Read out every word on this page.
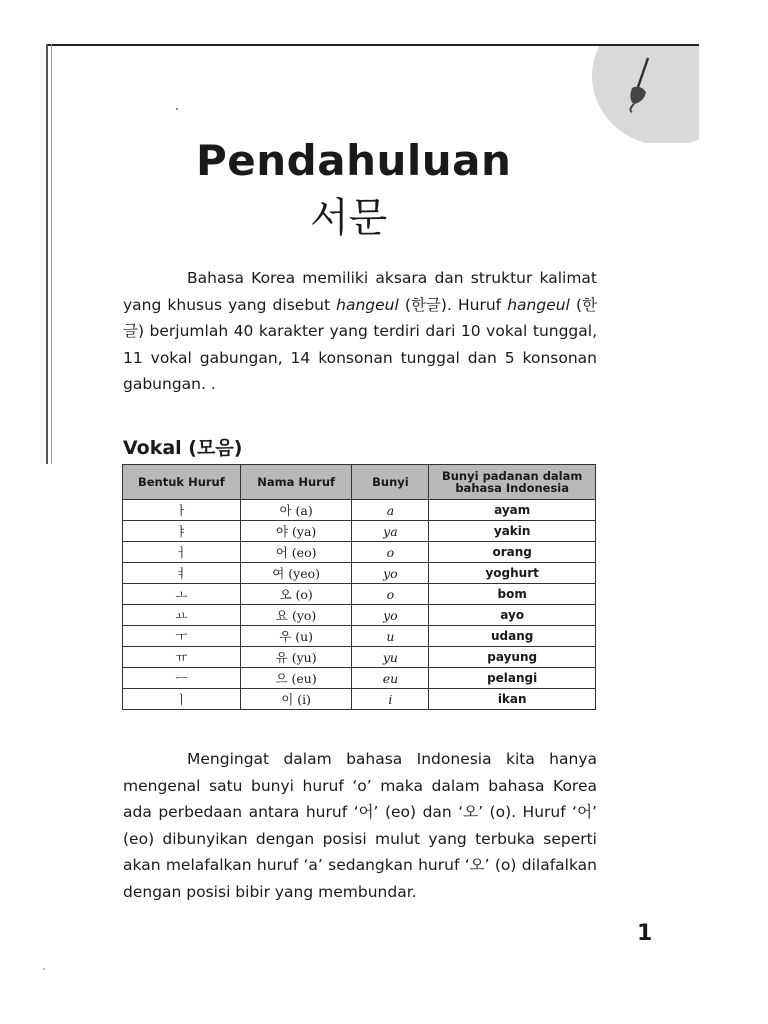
Pendahuluan
서문
Bahasa Korea memiliki aksara dan struktur kalimat yang khusus yang disebut hangeul (한글). Huruf hangeul (한글) berjumlah 40 karakter yang terdiri dari 10 vokal tunggal, 11 vokal gabungan, 14 konsonan tunggal dan 5 konsonan gabungan. .
Vokal (모음)
Bentuk Huruf	Nama Huruf	Bunyi	Bunyi padanan dalam bahasa Indonesia
ㅏ	아 (a)	a	ayam
ㅑ	야 (ya)	ya	yakin
ㅓ	어 (eo)	o	orang
ㅕ	여 (yeo)	yo	yoghurt
ㅗ	오 (o)	o	bom
ㅛ	요 (yo)	yo	ayo
ㅜ	우 (u)	u	udang
ㅠ	유 (yu)	yu	payung
ㅡ	으 (eu)	eu	pelangi
ㅣ	이 (i)	i	ikan
Mengingat dalam bahasa Indonesia kita hanya mengenal satu bunyi huruf ‘o’ maka dalam bahasa Korea ada perbedaan antara huruf ‘어’ (eo) dan ‘오’ (o). Huruf ‘어’ (eo) dibunyikan dengan posisi mulut yang terbuka seperti akan melafalkan huruf ‘a’ sedangkan huruf ‘오’ (o) dilafalkan dengan posisi bibir yang membundar.
1
